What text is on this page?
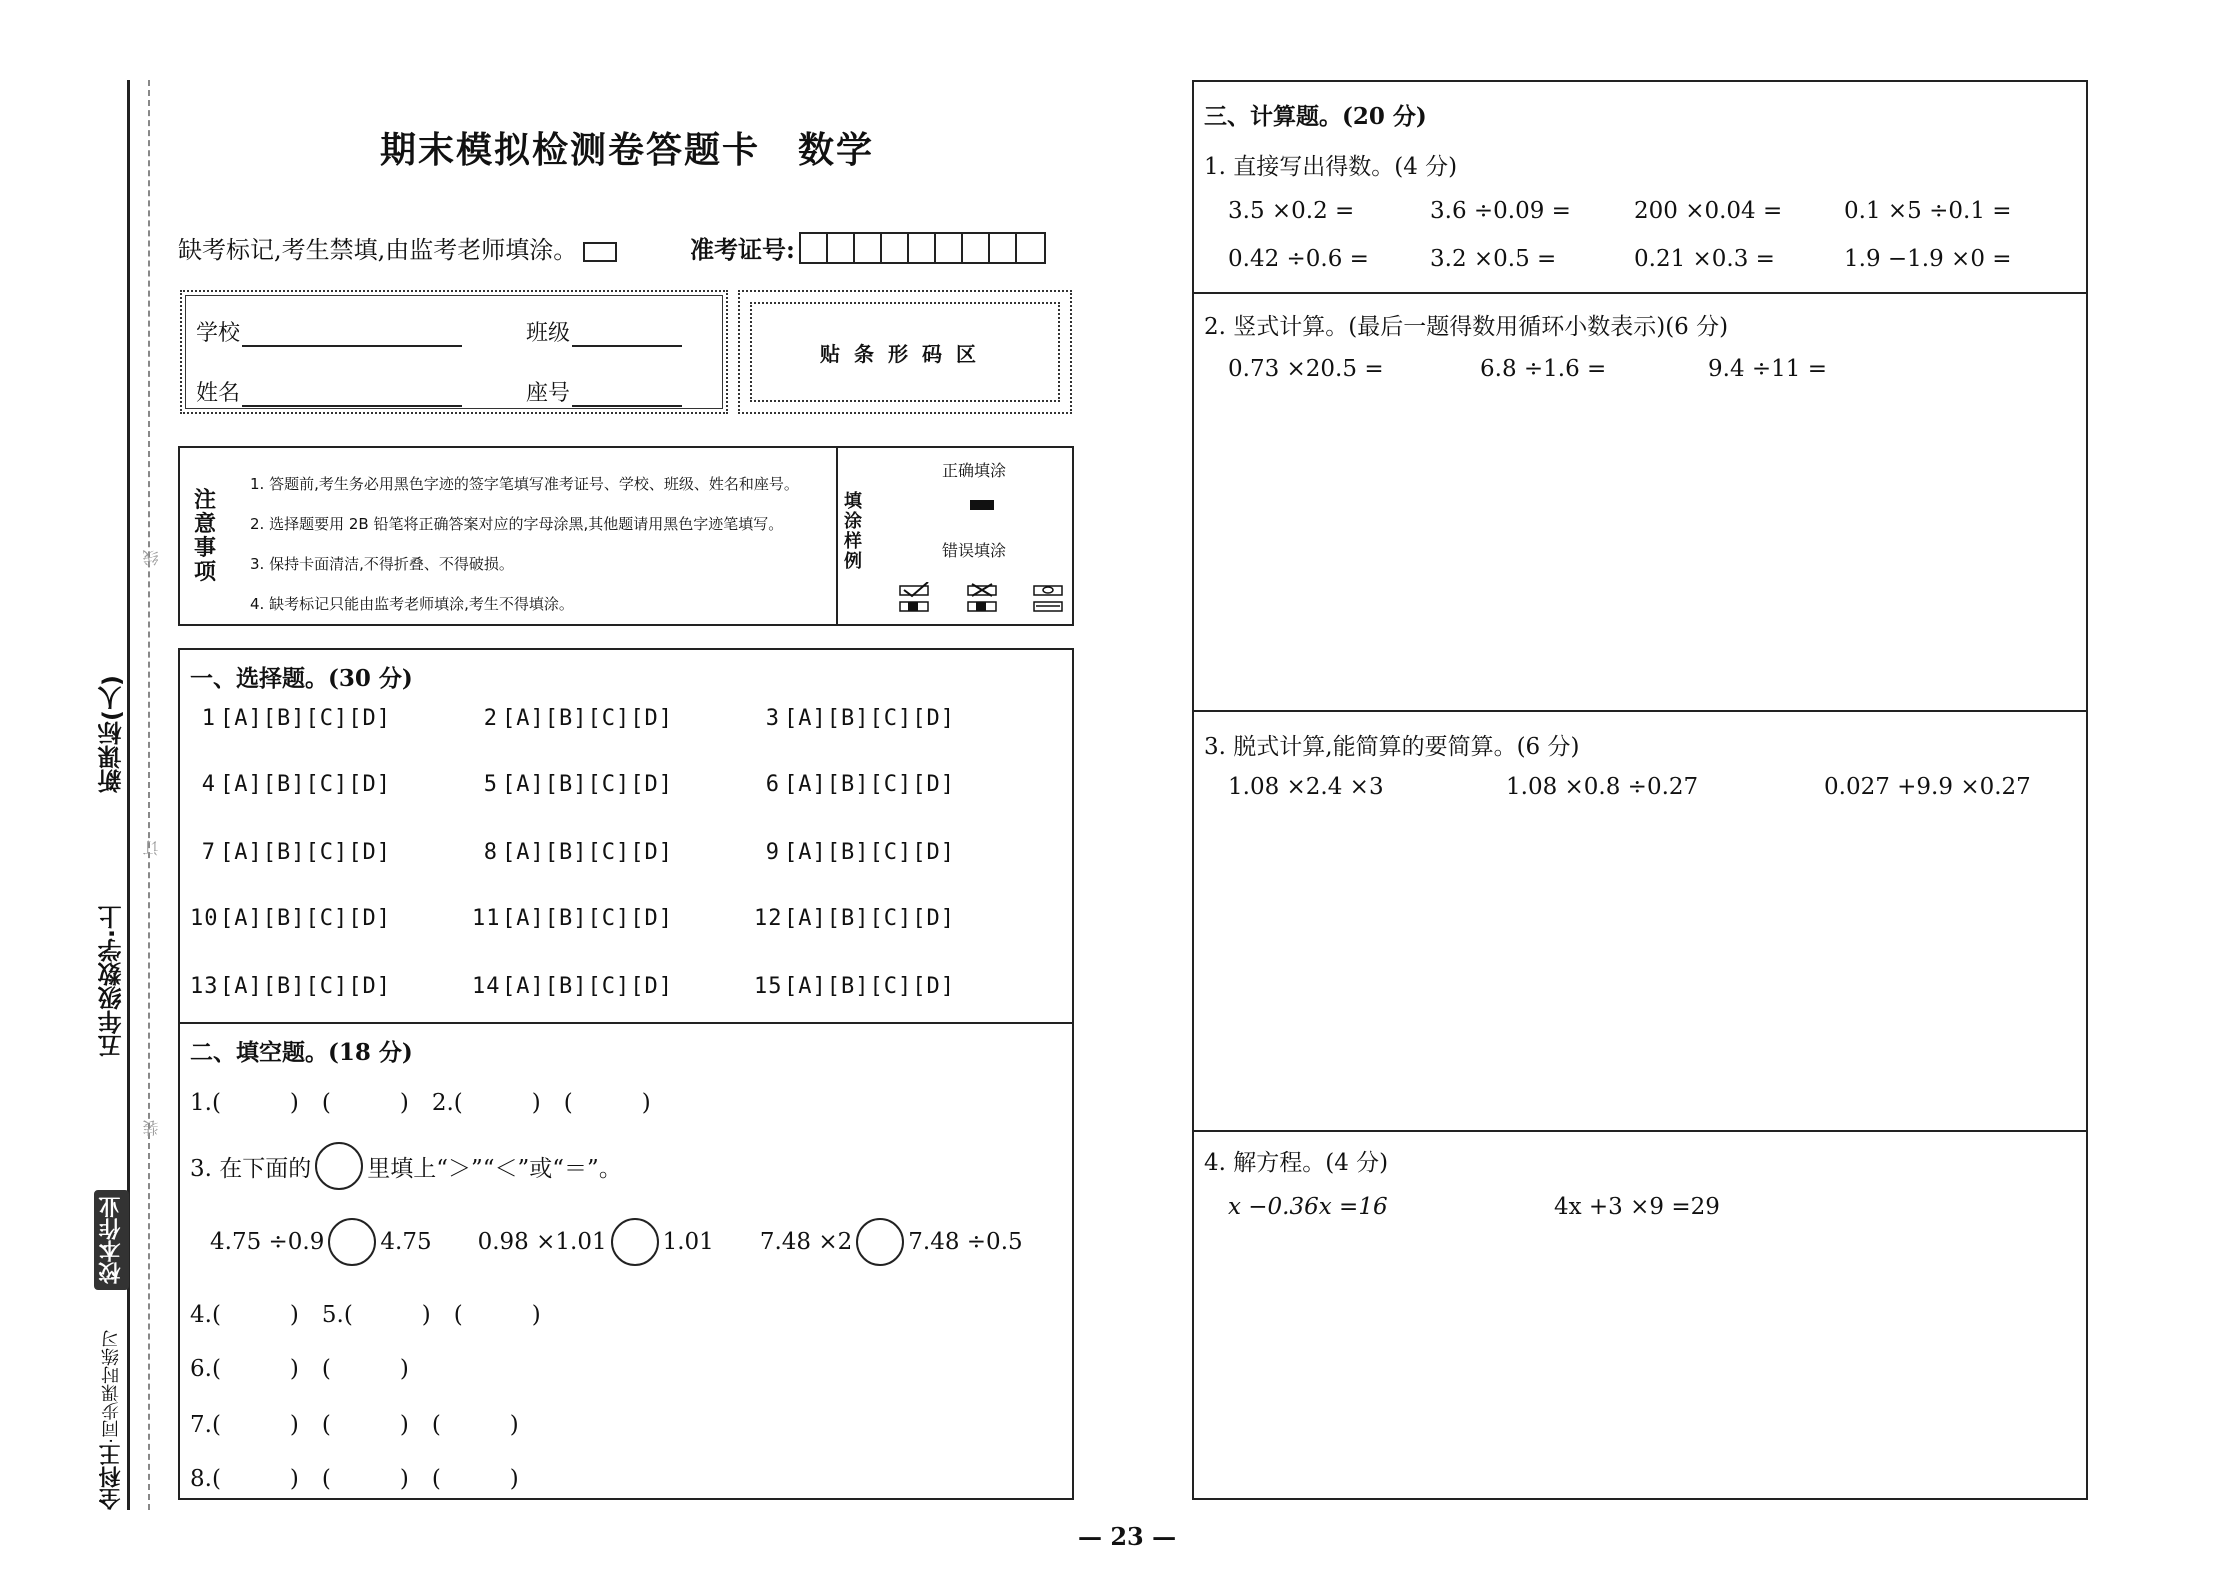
全科王·同步课时练习
校本作业
五年级数学·上
新课标(人)
装
订
线
期末模拟检测卷答题卡　数学
缺考标记,考生禁填,由监考老师填涂。	准考证号:
学校	班级
姓名	座号
贴条形码区
注意事项
1. 答题前,考生务必用黑色字迹的签字笔填写准考证号、学校、班级、姓名和座号。
2. 选择题要用 2B 铅笔将正确答案对应的字母涂黑,其他题请用黑色字迹笔填写。
3. 保持卡面清洁,不得折叠、不得破损。
4. 缺考标记只能由监考老师填涂,考生不得填涂。
填涂样例
正确填涂
错误填涂
一、选择题。(30 分)
1 [A][B][C][D]	2 [A][B][C][D]	3 [A][B][C][D]
4 [A][B][C][D]	5 [A][B][C][D]	6 [A][B][C][D]
7 [A][B][C][D]	8 [A][B][C][D]	9 [A][B][C][D]
10[A][B][C][D]	11[A][B][C][D]	12[A][B][C][D]
13[A][B][C][D]	14[A][B][C][D]	15[A][B][C][D]
二、填空题。(18 分)
1.(　　　)　(　　　)　2.(　　　)　(　　　)
3. 在下面的 里填上“＞”“＜”或“＝”。
4.75 ÷0.9 4.75 0.98 ×1.01 1.01 7.48 ×2 7.48 ÷0.5
4.(　　　)　5.(　　　)　(　　　)
6.(　　　)　(　　　)
7.(　　　)　(　　　)　(　　　)
8.(　　　)　(　　　)　(　　　)
三、计算题。(20 分)
1. 直接写出得数。(4 分)
3.5 ×0.2 =	3.6 ÷0.09 =	200 ×0.04 =	0.1 ×5 ÷0.1 =
0.42 ÷0.6 =	3.2 ×0.5 =	0.21 ×0.3 =	1.9 −1.9 ×0 =
2. 竖式计算。(最后一题得数用循环小数表示)(6 分)
0.73 ×20.5 =	6.8 ÷1.6 =	9.4 ÷11 =
3. 脱式计算,能简算的要简算。(6 分)
1.08 ×2.4 ×3	1.08 ×0.8 ÷0.27	0.027 +9.9 ×0.27
4. 解方程。(4 分)
x −0.36x =16	4x +3 ×9 =29
— 23 —
